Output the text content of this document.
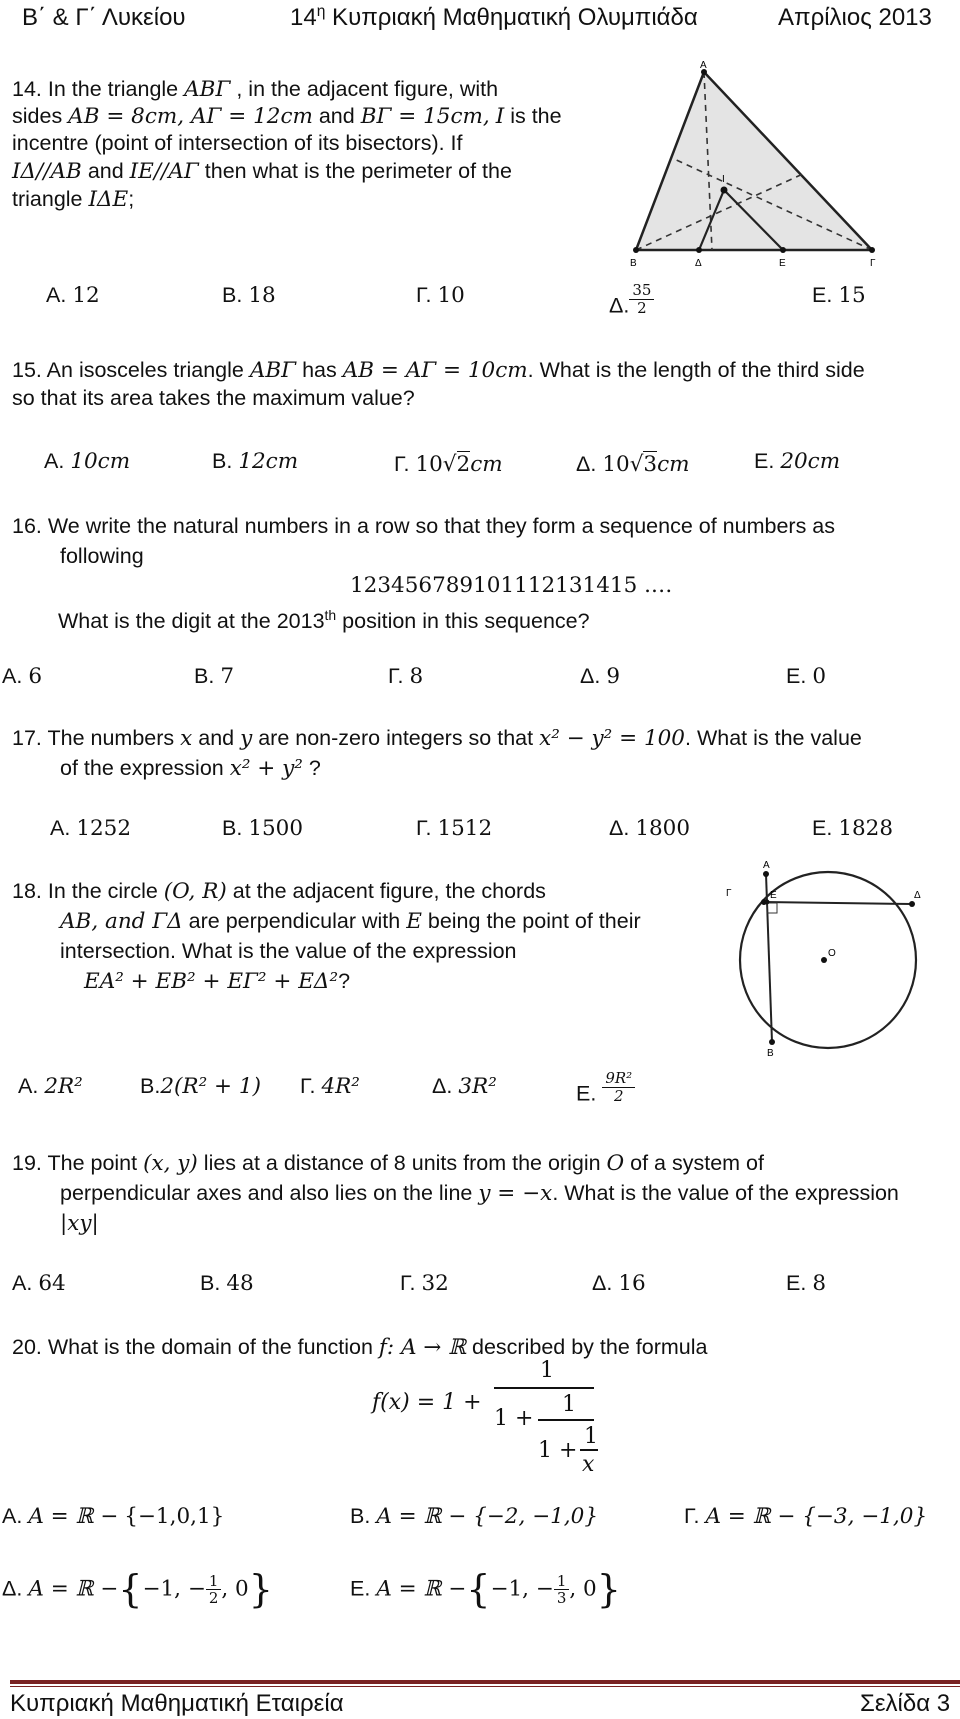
Β΄ & Γ΄ Λυκείου	$14^\eta$ Κυπριακή Μαθηματική Ολυμπιάδα	Απρίλιος 2013
14. In the triangle ΑΒΓ , in the adjacent figure, with
sides AB = 8cm, AΓ = 12cm and BΓ = 15cm, I is the
incentre (point of intersection of its bisectors). If
IΔ//AB and IE//AΓ then what is the perimeter of the
triangle IΔE;
Α. 12	Β. 18	Γ. 10	Δ. $\frac{35}{2}$	Ε. 15
Α
Β	Γ
Δ	Ε
I
15. An isosceles triangle ΑΒΓ has AB = AΓ = 10cm. What is the length of the third side
so that its area takes the maximum value?
Α. 10cm	Β. 12cm	Γ. 10√2cm	Δ. 10√3cm	Ε. 20cm
16. We write the natural numbers in a row so that they form a sequence of numbers as
following
123456789101112131415 .…
What is the digit at the 2013th position in this sequence?
Α. 6	Β. 7	Γ. 8	Δ. 9	Ε. 0
17. The numbers x and y are non-zero integers so that x² − y² = 100. What is the value
of the expression x² + y² ?
Α. 1252	Β. 1500	Γ. 1512	Δ. 1800	Ε. 1828
18. In the circle (O, R) at the adjacent figure, the chords
AB, and ΓΔ are perpendicular with E being the point of their
intersection. What is the value of the expression
EA² + EB² + EΓ² + EΔ²?
Α. 2R²	Β.2(R² + 1) Γ. 4R²	Δ. 3R²	Ε. $\frac{\text{9R²}}{2}$
Α
Β
Γ	Δ
Ε
O
19. The point (x, y) lies at a distance of 8 units from the origin O of a system of
perpendicular axes and also lies on the line y = −x. What is the value of the expression
|xy|
Α. 64	Β. 48	Γ. 32	Δ. 16	Ε. 8
20. What is the domain of the function f: A → ℝ described by the formula
f(x) = 1 +
1
1 +
1
1 +
1
x
Α. A = ℝ − {−1,0,1}	Β. A = ℝ − {−2, −1,0}	Γ. A = ℝ − {−3, −1,0}
Δ. A = ℝ −{−1, − $\frac{1}{2}$ , 0}	Ε. A = ℝ −{−1, − $\frac{1}{3}$ , 0}
Κυπριακή Μαθηματική Εταιρεία	Σελίδα 3
